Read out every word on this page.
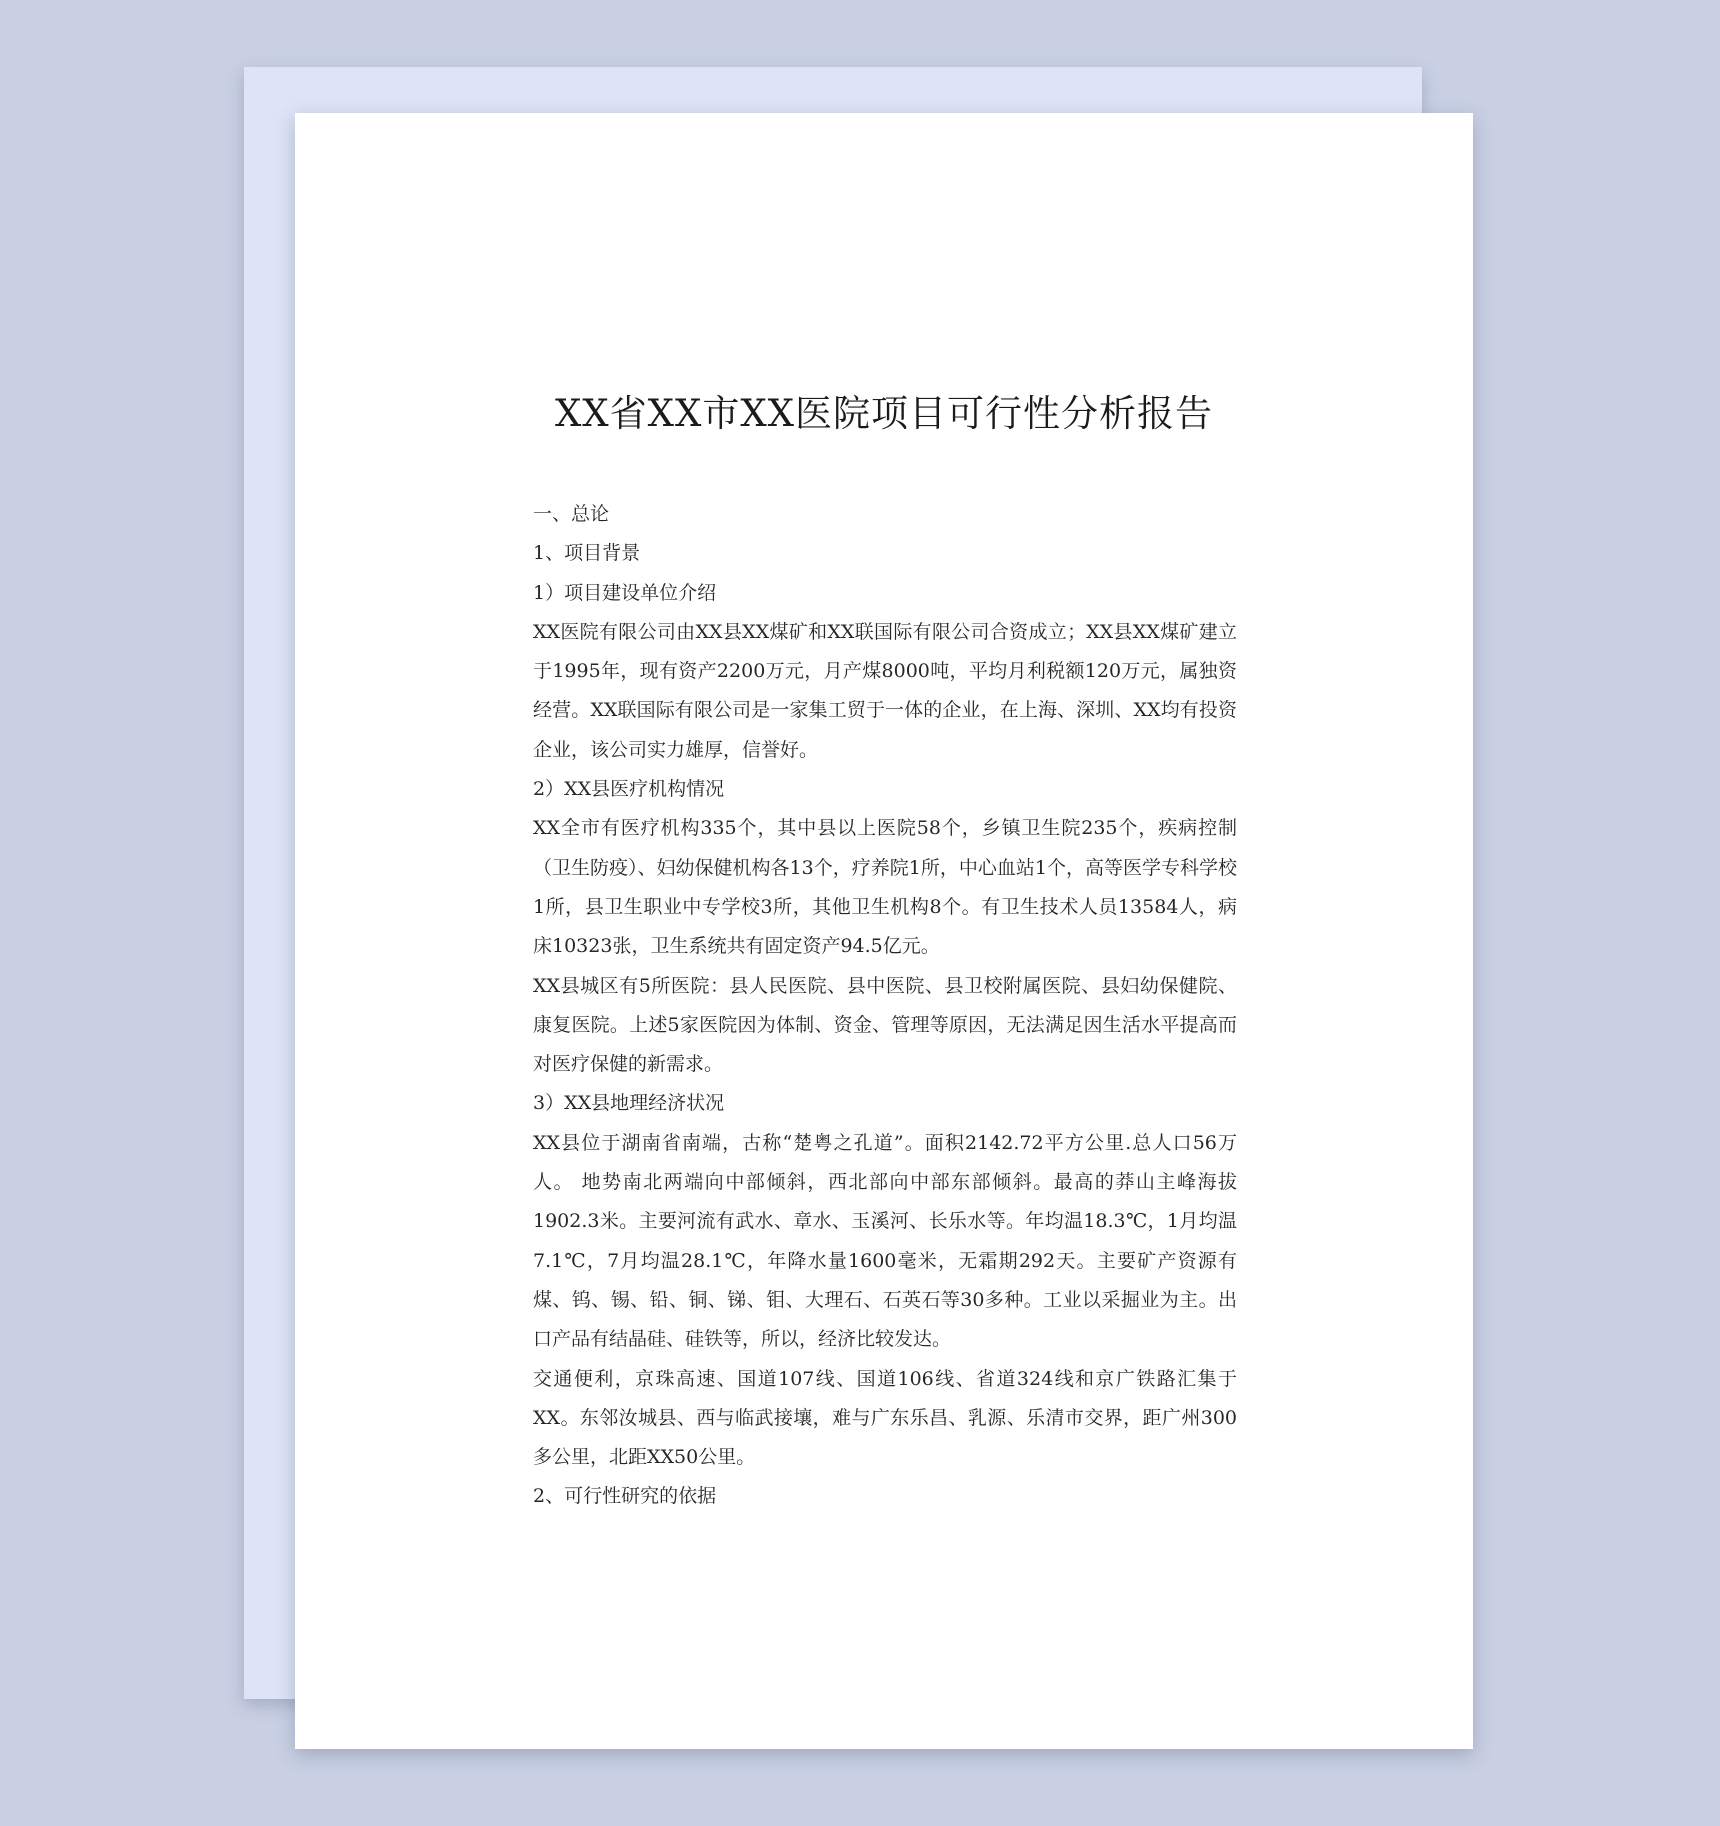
XX省XX市XX医院项目可行性分析报告

一、总论

1、项目背景

1）项目建设单位介绍

XX医院有限公司由XX县XX煤矿和XX联国际有限公司合资成立；XX县XX煤矿建立于1995年，现有资产2200万元，月产煤8000吨，平均月利税额120万元，属独资经营。XX联国际有限公司是一家集工贸于一体的企业，在上海、深圳、XX均有投资企业，该公司实力雄厚，信誉好。

2）XX县医疗机构情况

XX全市有医疗机构335个，其中县以上医院58个，乡镇卫生院235个，疾病控制（卫生防疫）、妇幼保健机构各13个，疗养院1所，中心血站1个，高等医学专科学校1所，县卫生职业中专学校3所，其他卫生机构8个。有卫生技术人员13584人，病床10323张，卫生系统共有固定资产94.5亿元。

XX县城区有5所医院：县人民医院、县中医院、县卫校附属医院、县妇幼保健院、康复医院。上述5家医院因为体制、资金、管理等原因，无法满足因生活水平提高而对医疗保健的新需求。

3）XX县地理经济状况

XX县位于湖南省南端，古称“楚粤之孔道”。面积2142.72平方公里.总人口56万人。 地势南北两端向中部倾斜，西北部向中部东部倾斜。最高的莽山主峰海拔1902.3米。主要河流有武水、章水、玉溪河、长乐水等。年均温18.3℃，1月均温7.1℃，7月均温28.1℃，年降水量1600毫米，无霜期292天。主要矿产资源有煤、钨、锡、铅、铜、锑、钼、大理石、石英石等30多种。工业以采掘业为主。出口产品有结晶硅、硅铁等，所以，经济比较发达。

交通便利，京珠高速、国道107线、国道106线、省道324线和京广铁路汇集于XX。东邻汝城县、西与临武接壤，难与广东乐昌、乳源、乐清市交界，距广州300多公里，北距XX50公里。

2、可行性研究的依据
